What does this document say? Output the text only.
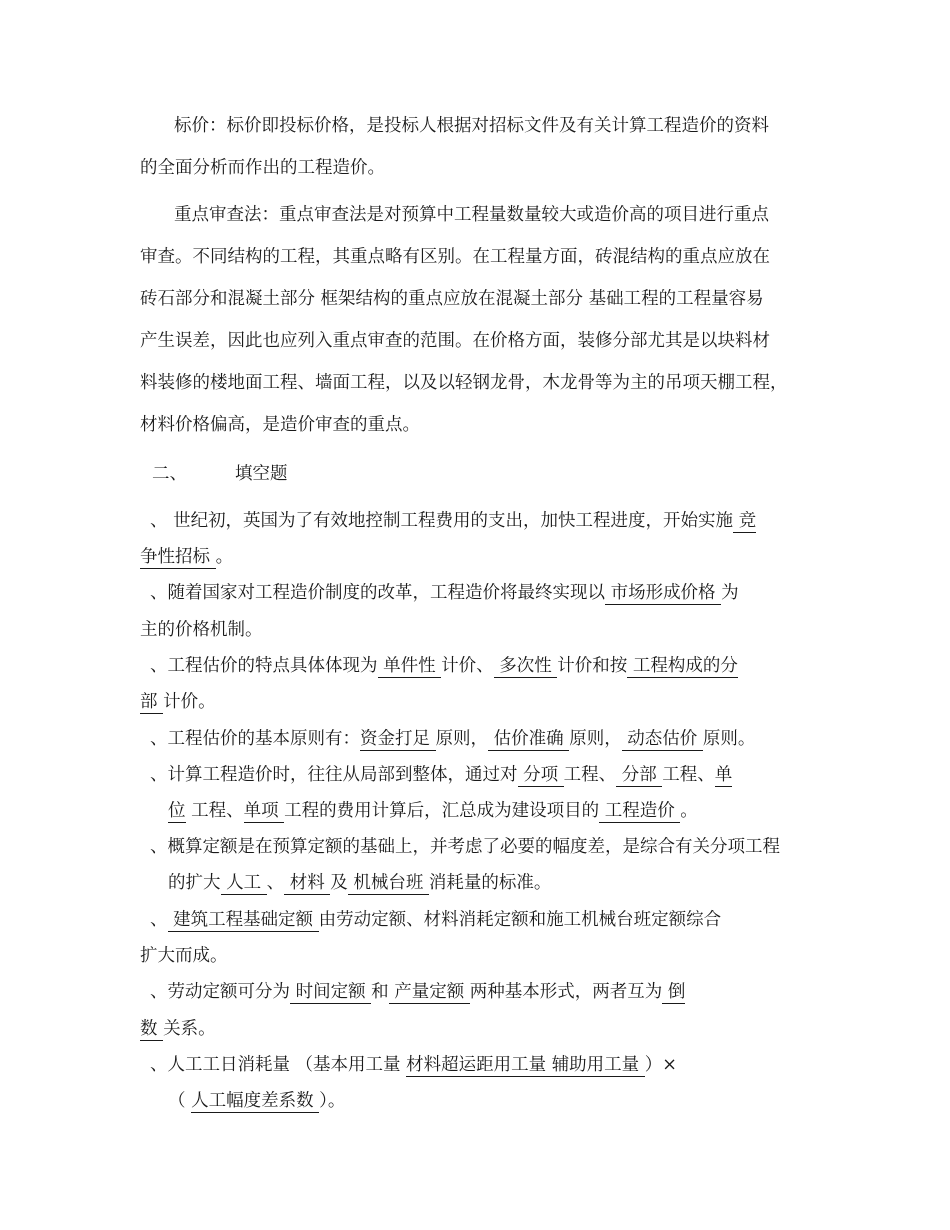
标价：标价即投标价格，是投标人根据对招标文件及有关计算工程造价的资料
的全面分析而作出的工程造价。
重点审查法：重点审查法是对预算中工程量数量较大或造价高的项目进行重点
审查。不同结构的工程，其重点略有区别。在工程量方面，砖混结构的重点应放在
砖石部分和混凝土部分 框架结构的重点应放在混凝土部分 基础工程的工程量容易
产生误差，因此也应列入重点审查的范围。在价格方面，装修分部尤其是以块料材
料装修的楼地面工程、墙面工程，以及以轻钢龙骨，木龙骨等为主的吊项天棚工程，
材料价格偏高，是造价审查的重点。
二、	填空题
、 世纪初，英国为了有效地控制工程费用的支出，加快工程进度，开始实施 竞
争性招标 。
、随着国家对工程造价制度的改革，工程造价将最终实现以 市场形成价格 为
主的价格机制。
、工程估价的特点具体体现为 单件性 计价、 多次性 计价和按 工程构成的分
部 计价。
、工程估价的基本原则有：资金打足 原则， 估价准确 原则， 动态估价 原则。
、计算工程造价时，往往从局部到整体，通过对 分项 工程、 分部 工程、单
位 工程、单项 工程的费用计算后，汇总成为建设项目的 工程造价 。
、概算定额是在预算定额的基础上，并考虑了必要的幅度差，是综合有关分项工程
的扩大 人工 、 材料 及 机械台班 消耗量的标准。
、 建筑工程基础定额 由劳动定额、材料消耗定额和施工机械台班定额综合
扩大而成。
、劳动定额可分为 时间定额 和 产量定额 两种基本形式，两者互为 倒
数 关系。
、人工工日消耗量 （基本用工量 材料超运距用工量 辅助用工量 ）×
（ 人工幅度差系数 ）。
